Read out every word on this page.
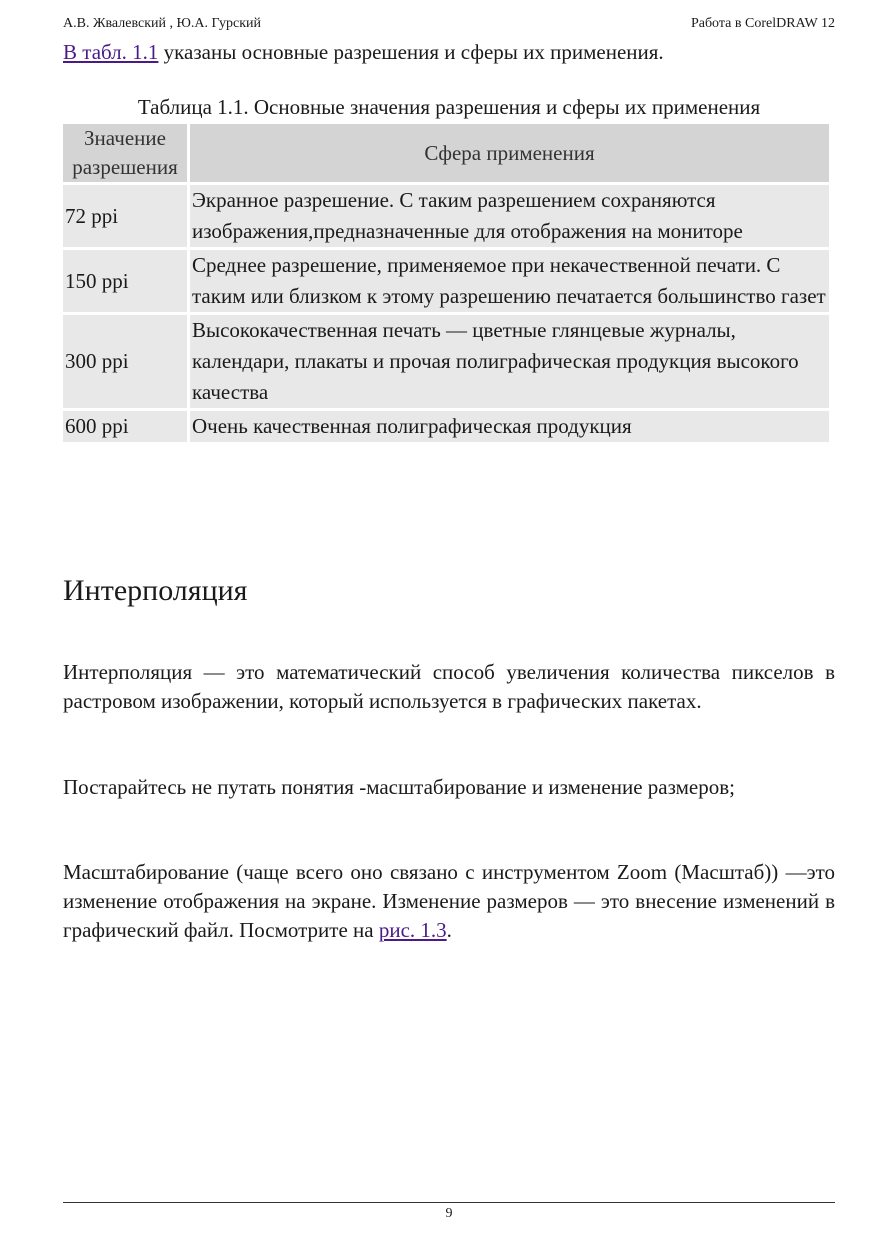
А.В. Жвалевский , Ю.А. Гурский	Работа в CorelDRAW 12

В табл. 1.1 указаны основные разрешения и сферы их применения.

Таблица 1.1. Основные значения разрешения и сферы их применения

Значение разрешения	Сфера применения
72 ppi	Экранное разрешение. С таким разрешением сохраняются изображения,предназначенные для отображения на мониторе
150 ppi	Среднее разрешение, применяемое при некачественной печати. С таким или близком к этому разрешению печатается большинство газет
300 ppi	Высококачественная печать — цветные глянцевые журналы, календари, плакаты и прочая полиграфическая продукция высокого качества
600 ppi	Очень качественная полиграфическая продукция
Интерполяция

Интерполяция — это математический способ увеличения количества пикселов в растровом изображении, который используется в графических пакетах.

Постарайтесь не путать понятия -масштабирование и изменение размеров;

Масштабирование (чаще всего оно связано с инструментом Zoom (Масштаб)) —это изменение отображения на экране. Изменение размеров — это внесение изменений в графический файл. Посмотрите на рис. 1.3.

9
